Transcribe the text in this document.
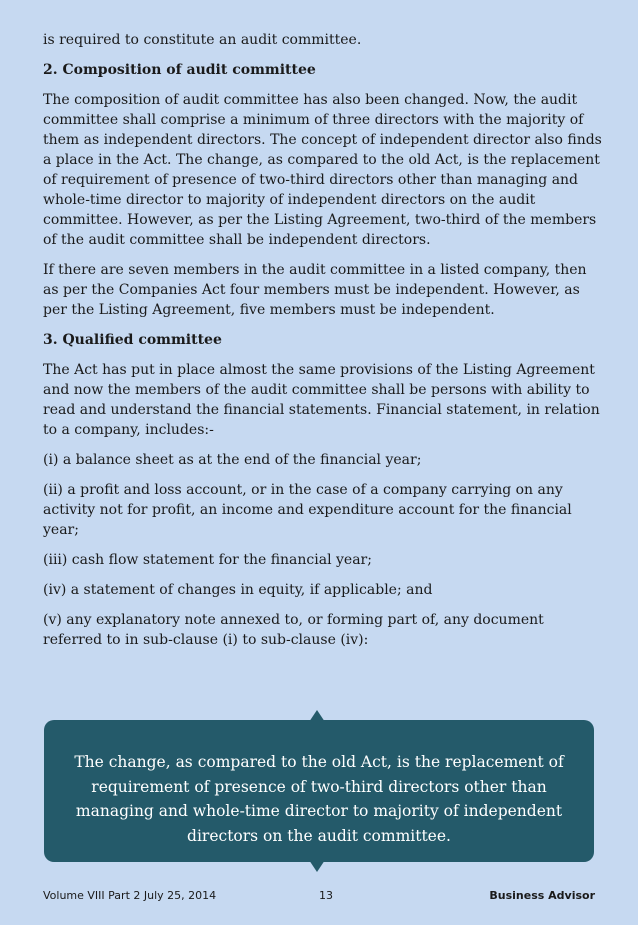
is required to constitute an audit committee.

2. Composition of audit committee

The composition of audit committee has also been changed. Now, the audit committee shall comprise a minimum of three directors with the majority of them as independent directors. The concept of independent director also finds a place in the Act. The change, as compared to the old Act, is the replacement of requirement of presence of two-third directors other than managing and whole-time director to majority of independent directors on the audit committee. However, as per the Listing Agreement, two-third of the members of the audit committee shall be independent directors.

If there are seven members in the audit committee in a listed company, then as per the Companies Act four members must be independent. However, as per the Listing Agreement, five members must be independent.

3. Qualified committee

The Act has put in place almost the same provisions of the Listing Agreement and now the members of the audit committee shall be persons with ability to read and understand the financial statements. Financial statement, in relation to a company, includes:-

(i) a balance sheet as at the end of the financial year;

(ii) a profit and loss account, or in the case of a company carrying on any activity not for profit, an income and expenditure account for the financial year;

(iii) cash flow statement for the financial year;

(iv) a statement of changes in equity, if applicable; and

(v) any explanatory note annexed to, or forming part of, any document referred to in sub-clause (i) to sub-clause (iv):

The change, as compared to the old Act, is the replacement of requirement of presence of two-third directors other than managing and whole-time director to majority of independent directors on the audit committee.
Volume VIII Part 2 July 25, 2014	13	Business Advisor
